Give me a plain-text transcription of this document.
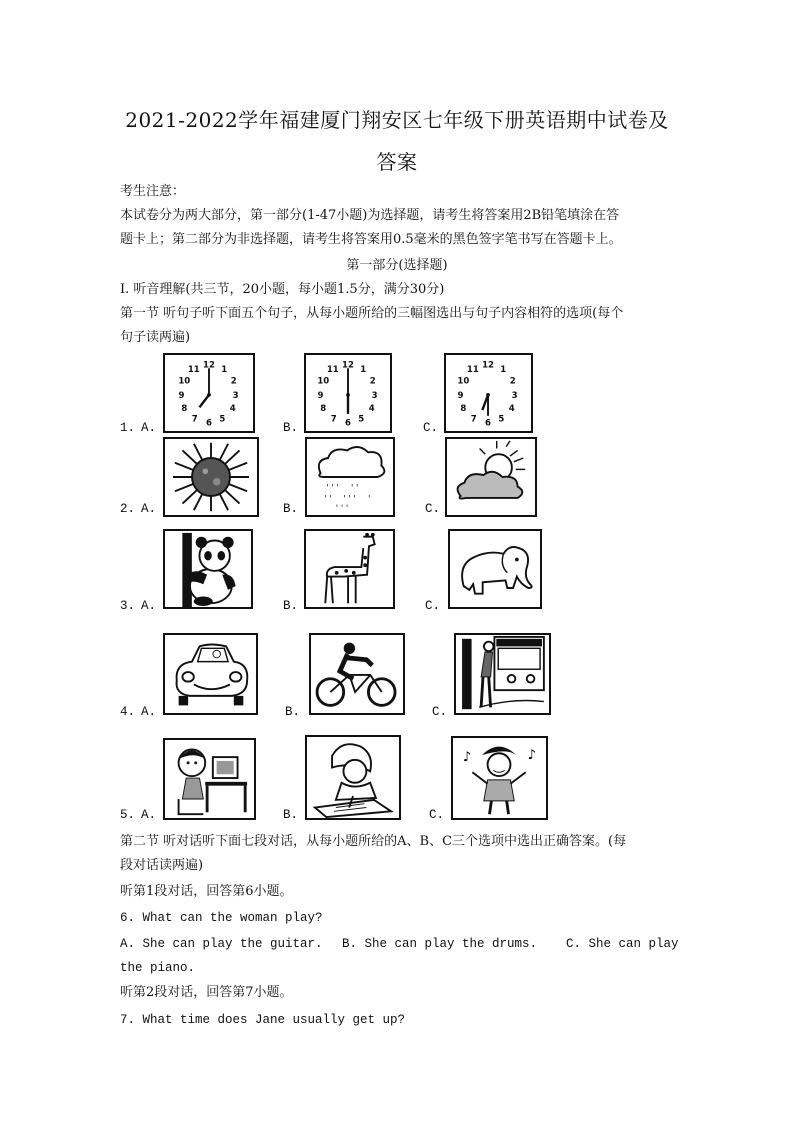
2021-2022学年福建厦门翔安区七年级下册英语期中试卷及
答案
考生注意：
本试卷分为两大部分，第一部分(1-47小题)为选择题，请考生将答案用2B铅笔填涂在答
题卡上；第二部分为非选择题，请考生将答案用0.5毫米的黑色签字笔书写在答题卡上。
第一部分(选择题)
I. 听音理解(共三节，20小题，每小题1.5分，满分30分)
第一节 听句子听下面五个句子，从每小题所给的三幅图选出与句子内容相符的选项(每个
句子读两遍)
1. A.	B.	C.
12 1
2
3
4
5
6
7
8
9
10
11	12 1
2
3
4
5
6
7
8
9
10
11	12 1
2
3
4
5
6
7
8
9
10
11
2. A.	B.	C.
' ' ' ' '
' ' ' ' ' '
' ' '
3. A.	B.	C.
4. A.	B.	C.
5. A.	B.	C.
♪	♪
第二节 听对话听下面七段对话，从每小题所给的A、B、C三个选项中选出正确答案。(每
段对话读两遍)
听第1段对话，回答第6小题。
6. What can the woman play?
A. She can play the guitar. B. She can play the drums. C. She can play
the piano.
听第2段对话，回答第7小题。
7. What time does Jane usually get up?
